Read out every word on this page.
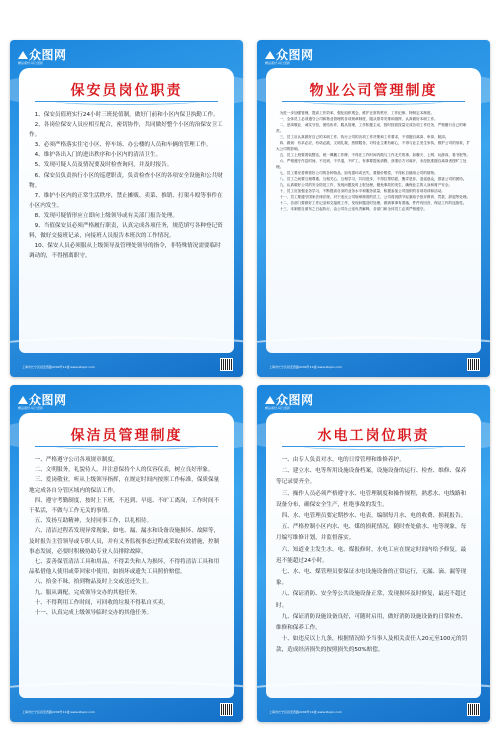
众图网
精品素材·每日更新
保安员岗位职责

1、保安员值班实行24小时三班轮值制，做好门前和小区内保卫执勤工作。

2、各岗位保安人员应相互配合，密切协作，共同做好整个小区的治保安卫工作。

3、必须严格落实住宅小区、停车场、办公楼的人员和车辆的管理工作。

4、维护各出入门的进出秩序和小区内的清洁卫生。

5、发现可疑人员及情况要及时检查询问，并及时报告。

6、保安员负责执行小区的巡逻职责，负责检查小区的各项安全设施和公共财物。

7、维护小区内的正常生活秩序，禁止摊贩、卖菜、推销、打架斗殴等事件在小区内发生。

8、发现可疑情形应立即向上级领导或有关部门报告处理。

9、当值保安员必须严格履行职责，认真完成各项任务，规范填写各种登记资料，做好交接班记录，向接班人员报告本班次的工作情况。

10、保安人员必须服从上级领导及管理处领导的指令，非特殊情况需要临时调动的，不得擅离职守。

上海市长宁区延安西路2299号11楼 www.ztupic.com
众图网
精品素材·每日更新
物业公司管理制度

为进一步加强管理，提高工作效率，强化组织观念，维护正常的秩序，工作纪律，特制定本制度。

一、全体员工必须遵守公司和物业管理的各项规章制度，服从领导安排和指挥，认真做好本职工作。

二、爱岗敬业、诚实守信，团结协作，服从管理，工作积极主动，按时按质按量完成各项工作任务，严格履行自己的职责。

三、员工应认真做好自己的本职工作，执行公司的各项工作决策和工作要求，不得擅自离岗、串岗、脱岗。

四、做到：有求必应，有诺必践，文明礼貌，热情服务，对待业主要有耐心，不得与业主发生争执，维护公司的形象，扩大公司的影响。

五、员工上班要着装整洁，统一佩戴工作牌，不得在工作时间内做与工作无关的事，如聊天、上网、玩游戏、看书报等。

六、严格遵守作息时间，不迟到，不早退，不旷工，有事要提前请假，获准后方可离开，未经批准擅自离岗者按旷工处理。

七、员工要妥善保管好公司的各种物品，如有损坏或丢失，要照价赔偿，不得私自挪用公司的财物。

八、员工之间要互相尊重，互相关心，互相学习，共同进步，不得拉帮结派，搬弄是非，造谣惑众，损害公司的团结。

九、认真做好公司的安全防范工作，发现问题及时上报处理，避免事故的发生，确保业主的人身和财产安全。

十、员工应加强业务学习，不断提高自身的业务水平和服务质量，积极参加公司组织的各项培训和活动。

十一、员工要遵守国家法律法规，对于违反公司规章制度的员工，公司将视情节轻重给予批评教育、罚款、辞退等处理。

十二、各部门要做好工作记录和交接班工作，发现问题及时处理，做到事事有着落，件件有回音，保证工作的连续性。

十三、本制度自颁布之日起执行，由公司办公室负责解释，各部门和全体员工必须严格遵守。

上海市长宁区延安西路2299号11楼 www.ztupic.com
众图网
精品素材·每日更新
保洁员管理制度

一、严格遵守公司各项规章制度。

二、文明服务，礼貌待人，并注意保持个人的仪容仪表，树立良好形象。

三、爱岗敬业，听从上级领导指挥，在规定时间内按照工作标准，保质保量地完成各自分管区域内的保洁工作。

四、遵守考勤制度，按时上下班，不迟到、早退、不旷工离岗，工作时间不干私活，不做与工作无关的事情。

五、发扬互助精神，支持同事工作，以礼相待。

六、清洁过程若发现异常现象，如电、漏、漏水和设备设施损坏、故障等，及时报告主管领导或专职人员，并有义务监视事态过程或采取有效措施，控制事态发展，必要时积极协助专业人员排除故障。

七、妥善保管清洁工具和用品，不得丢失和人为损坏，不得将清洁工具和用品私借他人使用或带回家中使用，如损坏或遗失工具照价赔偿。

八、拾金不昧，拾到物品及时上交或送还失主。

九、服从调配，完成领导交办的其他任务。

十、不得利用工作时间，可回收的垃圾不得私自买卖。

十一、认真完成上级领导临时交办的其他任务。

上海市长宁区延安西路2299号11楼 www.ztupic.com
众图网
精品素材·每日更新
水电工岗位职责

一、由专人负责对水、电的日常管理和维修养护。

二、建立水、电等所用设施设备档案，设施设备的运行、检查、维修、保养等记录要齐全。

三、操作人员必须严格遵守水、电管理制度和操作规程，熟悉水、电线路和设备分布，确保安全生产，杜绝事故的发生。

四、水、电管理员要定期抄水、电表，编制每月水、电的收费、损耗报告。

五、严格控制小区内水、电、煤的损耗情况，随时查处偷水、电等现象，每月编写维修计划，并监督落实。

六、知道业主发生水、电、煤报修时，水电工应在规定时间内给予修复，最迟不能超过24小时。

七、水、电、煤管理员要保证水电设施设备的正常运行，无漏、滴、漏等现象。

八、保证消防、安全等公共设施设备正常，发现损坏及时修复，最迟不超过时。

九、保证消防设施设备良好，可随时启用，做好消防设施设备的日常检查、维修和保养工作。

十、如违反以上九条，根据情况给予当事人及相关责任人20元至100元的罚款，造成经济损失的按照损失的50%赔偿。

上海市长宁区延安西路2299号11楼 www.ztupic.com
